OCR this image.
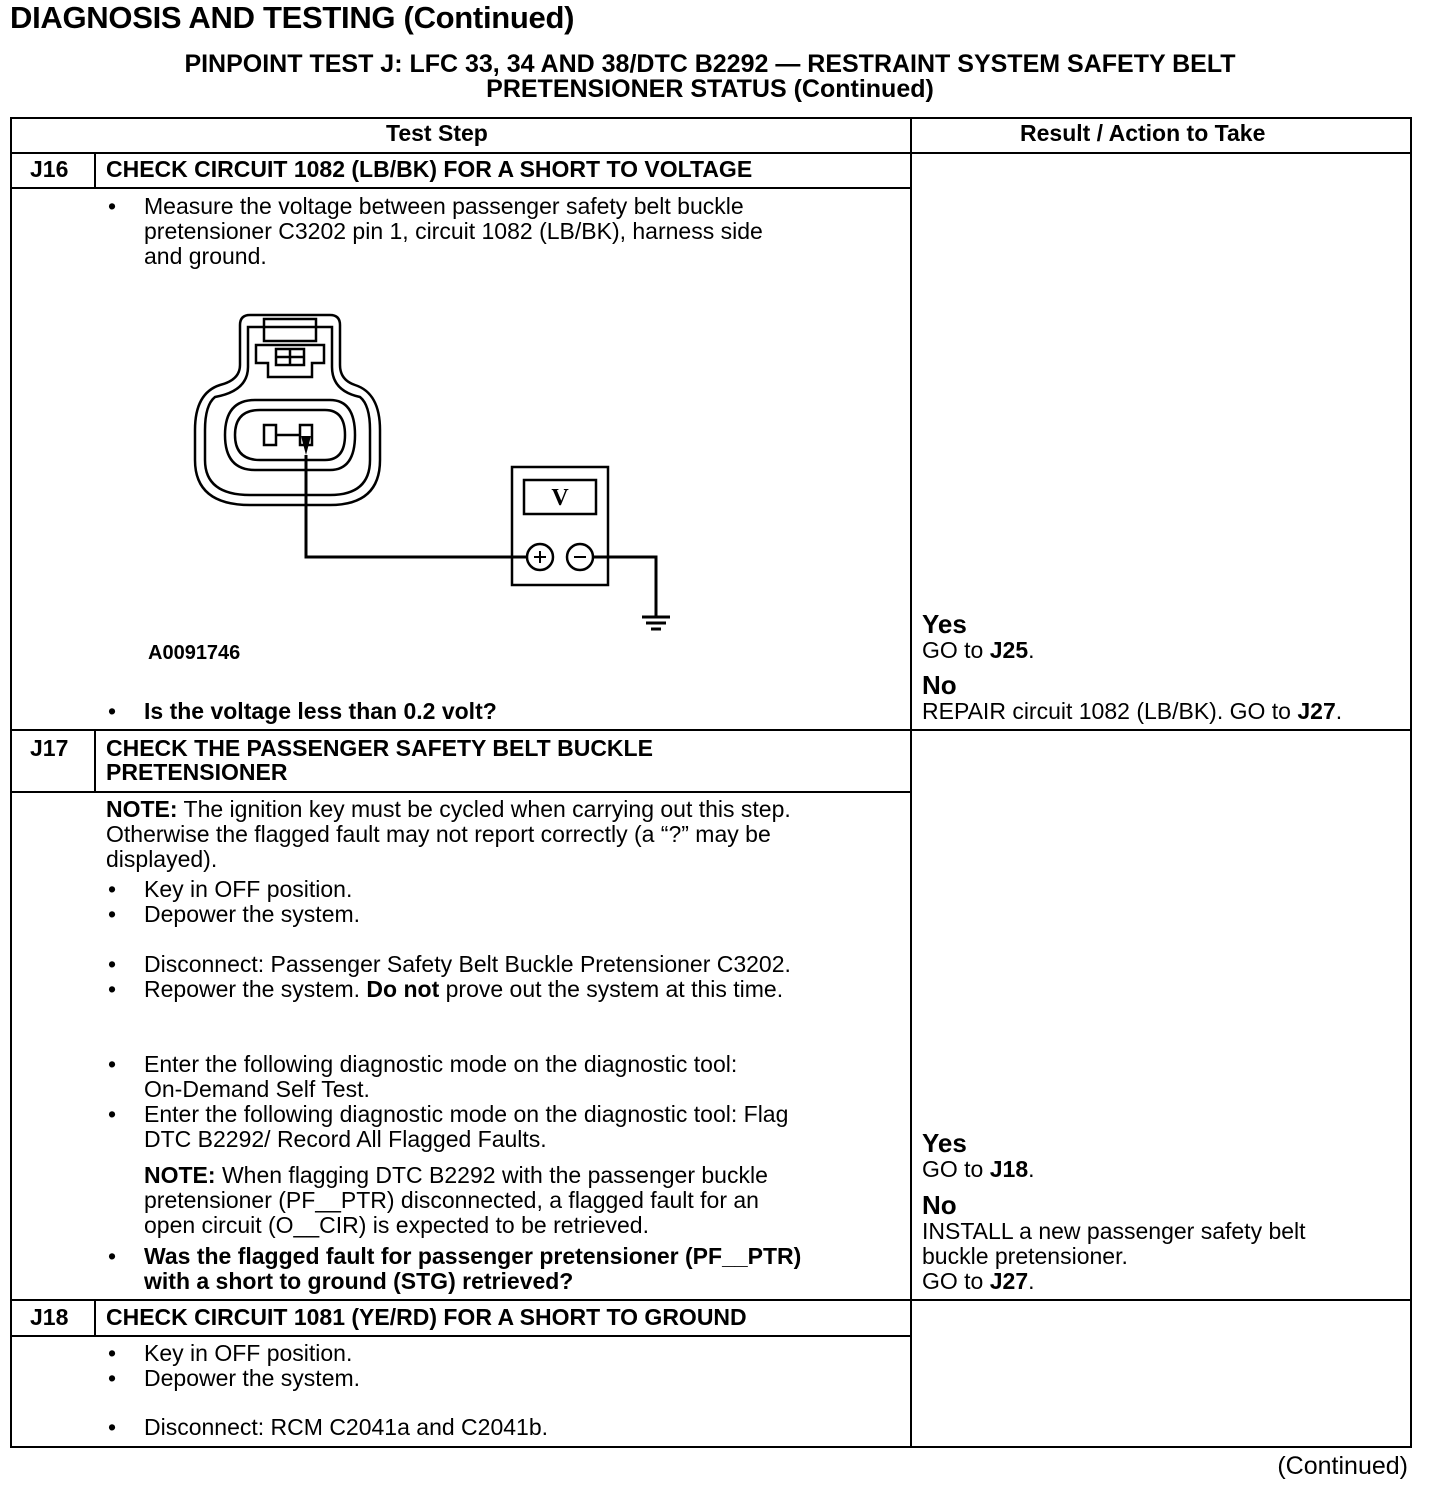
DIAGNOSIS AND TESTING (Continued)
PINPOINT TEST J: LFC 33, 34 AND 38/DTC B2292 — RESTRAINT SYSTEM SAFETY BELT
PRETENSIONER STATUS (Continued)
Test Step	Result / Action to Take
J16 CHECK CIRCUIT 1082 (LB/BK) FOR A SHORT TO VOLTAGE
• Measure the voltage between passenger safety belt buckle
pretensioner C3202 pin 1, circuit 1082 (LB/BK), harness side
and ground.
V
A0091746
• Is the voltage less than 0.2 volt?
Yes
GO to J25.
No
REPAIR circuit 1082 (LB/BK). GO to J27.
J17 CHECK THE PASSENGER SAFETY BELT BUCKLE
PRETENSIONER
NOTE: The ignition key must be cycled when carrying out this step.
Otherwise the flagged fault may not report correctly (a “?” may be
displayed).
• Key in OFF position.
• Depower the system.
• Disconnect: Passenger Safety Belt Buckle Pretensioner C3202.
• Repower the system. Do not prove out the system at this time.
• Enter the following diagnostic mode on the diagnostic tool:
On-Demand Self Test.
• Enter the following diagnostic mode on the diagnostic tool: Flag
DTC B2292/ Record All Flagged Faults.
NOTE: When flagging DTC B2292 with the passenger buckle
pretensioner (PF__PTR) disconnected, a flagged fault for an
open circuit (O__CIR) is expected to be retrieved.
• Was the flagged fault for passenger pretensioner (PF__PTR)
with a short to ground (STG) retrieved?
Yes
GO to J18.
No
INSTALL a new passenger safety belt
buckle pretensioner.
GO to J27.
J18 CHECK CIRCUIT 1081 (YE/RD) FOR A SHORT TO GROUND
• Key in OFF position.
• Depower the system.
• Disconnect: RCM C2041a and C2041b.
(Continued)
